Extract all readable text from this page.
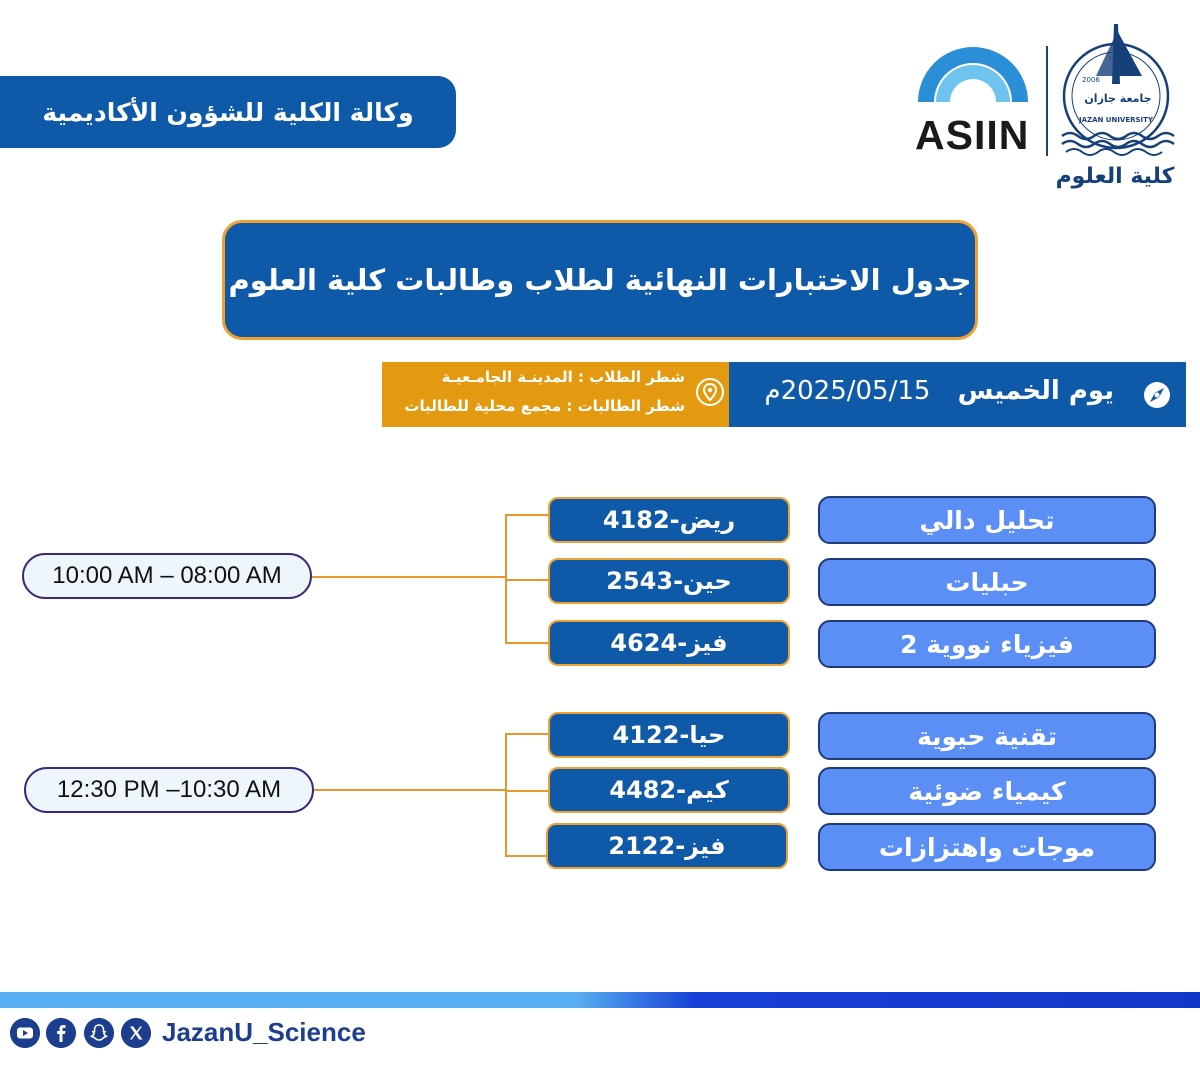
وكالة الكلية للشؤون الأكاديمية	ASIIN
١٤٢٦
2006
جامعة جازان
JAZAN UNIVERSITY
كلية العلوم
جدول الاختبارات النهائية لطلاب وطالبات كلية العلوم
يوم الخميس   2025/05/15م
شطر الطلاب : المدينـة الجامـعيـة
شطر الطالبات : مجمع محلية للطالبات
تحليل دالي
حبليات
فيزياء نووية 2
418ريض-2
254حين-3
462فيز-4
10:00 AM – 08:00 AM
تقنية حيوية
كيمياء ضوئية
موجات واهتزازات
412حيا-2
448كيم-2
212فيز-2
12:30 PM –10:30 AM
JazanU_Science
